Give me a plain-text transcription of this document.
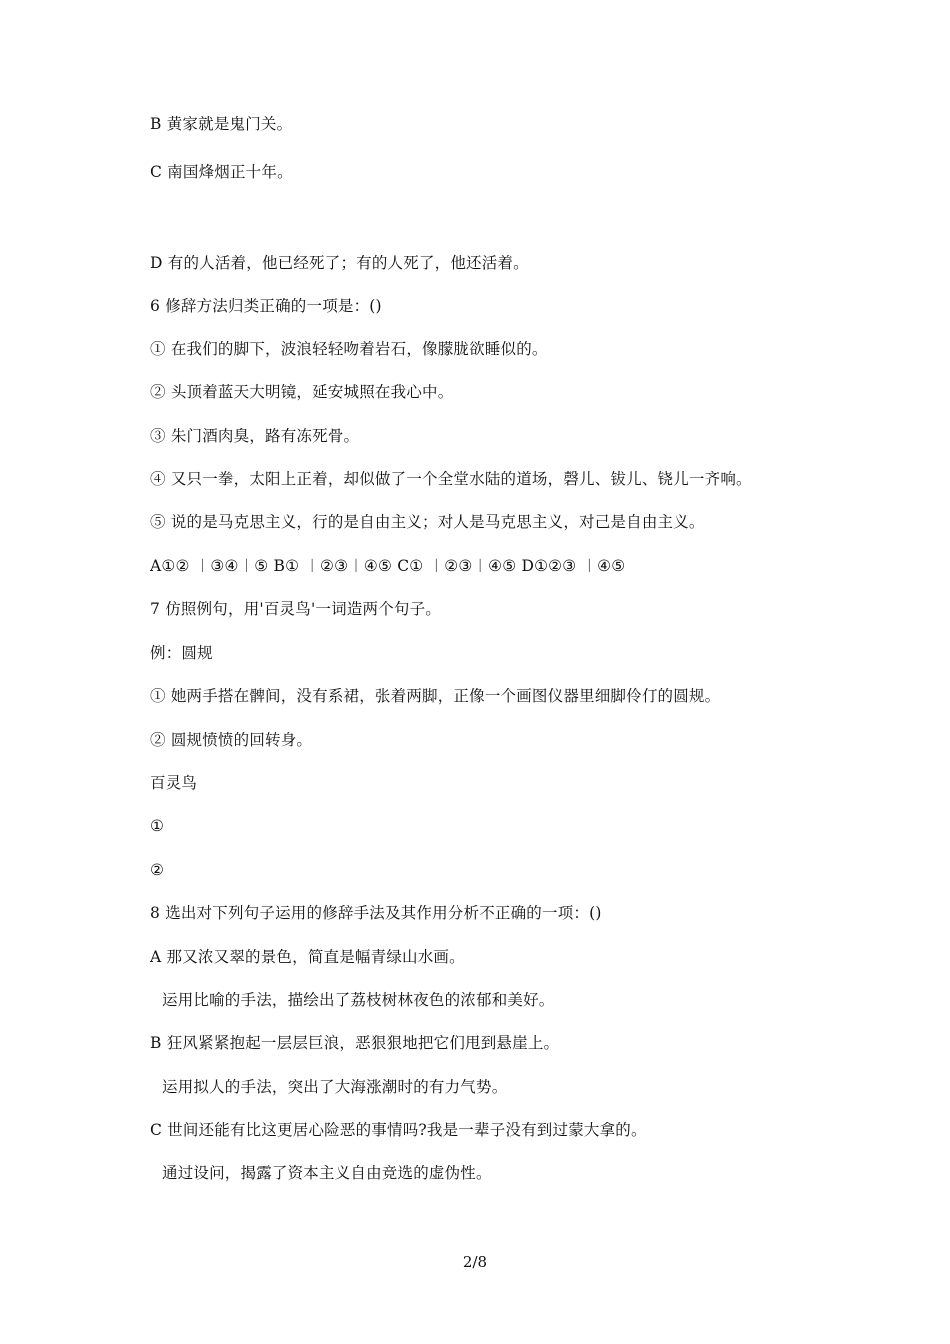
B 黄家就是鬼门关。
C 南国烽烟正十年。
D 有的人活着，他已经死了；有的人死了，他还活着。
6 修辞方法归类正确的一项是：()
① 在我们的脚下，波浪轻轻吻着岩石，像朦胧欲睡似的。
② 头顶着蓝天大明镜，延安城照在我心中。
③ 朱门酒肉臭，路有冻死骨。
④ 又只一拳，太阳上正着，却似做了一个全堂水陆的道场，磬儿、钹儿、铙儿一齐响。
⑤ 说的是马克思主义，行的是自由主义；对人是马克思主义，对己是自由主义。
A①② ︱③④︱⑤ B① ︱②③︱④⑤ C① ︱②③︱④⑤ D①②③ ︱④⑤
7 仿照例句，用'百灵鸟'一词造两个句子。
例：圆规
① 她两手搭在髀间，没有系裙，张着两脚，正像一个画图仪器里细脚伶仃的圆规。
② 圆规愤愤的回转身。
百灵鸟
①
②
8 选出对下列句子运用的修辞手法及其作用分析不正确的一项：()
A 那又浓又翠的景色，简直是幅青绿山水画。
运用比喻的手法，描绘出了荔枝树林夜色的浓郁和美好。
B 狂风紧紧抱起一层层巨浪，恶狠狠地把它们甩到悬崖上。
运用拟人的手法，突出了大海涨潮时的有力气势。
C 世间还能有比这更居心险恶的事情吗?我是一辈子没有到过蒙大拿的。
通过设问，揭露了资本主义自由竞选的虚伪性。
2/8
